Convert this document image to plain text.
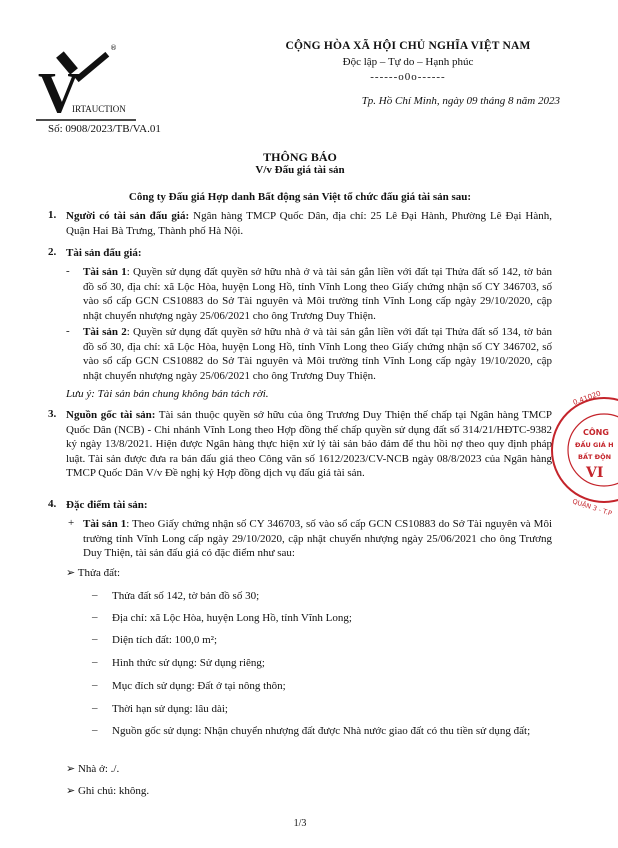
®
V
IRTAUCTION
CỘNG HÒA XÃ HỘI CHỦ NGHĨA VIỆT NAM
Độc lập – Tự do – Hạnh phúc
------o0o------
Tp. Hồ Chí Minh, ngày 09 tháng 8 năm 2023
Số: 0908/2023/TB/VA.01
THÔNG BÁO
V/v Đấu giá tài sản
Công ty Đấu giá Hợp danh Bất động sản Việt tổ chức đấu giá tài sản sau:
1. Người có tài sản đấu giá: Ngân hàng TMCP Quốc Dân, địa chỉ: 25 Lê Đại Hành, Phường Lê Đại Hành, Quận Hai Bà Trưng, Thành phố Hà Nội.
2. Tài sản đấu giá:
- Tài sản 1: Quyền sử dụng đất quyền sở hữu nhà ở và tài sản gắn liền với đất tại Thửa đất số 142, tờ bản đồ số 30, địa chỉ: xã Lộc Hòa, huyện Long Hồ, tỉnh Vĩnh Long theo Giấy chứng nhận số CY 346703, số vào sổ cấp GCN CS10883 do Sở Tài nguyên và Môi trường tỉnh Vĩnh Long cấp ngày 29/10/2020, cập nhật chuyển nhượng ngày 25/06/2021 cho ông Trương Duy Thiện.
- Tài sản 2: Quyền sử dụng đất quyền sở hữu nhà ở và tài sản gắn liền với đất tại Thửa đất số 134, tờ bản đồ số 30, địa chỉ: xã Lộc Hòa, huyện Long Hồ, tỉnh Vĩnh Long theo Giấy chứng nhận số CY 346702, số vào sổ cấp GCN CS10882 do Sở Tài nguyên và Môi trường tỉnh Vĩnh Long cấp ngày 19/10/2020, cập nhật chuyển nhượng ngày 25/06/2021 cho ông Trương Duy Thiện.
Lưu ý: Tài sản bán chung không bán tách rời.
3. Nguồn gốc tài sản: Tài sản thuộc quyền sở hữu của ông Trương Duy Thiện thế chấp tại Ngân hàng TMCP Quốc Dân (NCB) - Chi nhánh Vĩnh Long theo Hợp đồng thế chấp quyền sử dụng đất số 314/21/HĐTC-9382 ký ngày 13/8/2021. Hiện được Ngân hàng thực hiện xử lý tài sản bảo đảm để thu hồi nợ theo quy định pháp luật. Tài sản được đưa ra bán đấu giá theo Công văn số 1612/2023/CV-NCB ngày 08/8/2023 của Ngân hàng TMCP Quốc Dân V/v Đề nghị ký Hợp đồng dịch vụ đấu giá tài sản.
4. Đặc điểm tài sản:
+ Tài sản 1: Theo Giấy chứng nhận số CY 346703, số vào sổ cấp GCN CS10883 do Sở Tài nguyên và Môi trường tỉnh Vĩnh Long cấp ngày 29/10/2020, cập nhật chuyển nhượng ngày 25/06/2021 cho ông Trương Duy Thiện, tài sản đấu giá có đặc điểm như sau:
➢ Thửa đất:
– Thửa đất số 142, tờ bản đồ số 30;
– Địa chỉ: xã Lộc Hòa, huyện Long Hồ, tỉnh Vĩnh Long;
– Diện tích đất: 100,0 m²;
– Hình thức sử dụng: Sử dụng riêng;
– Mục đích sử dụng: Đất ở tại nông thôn;
– Thời hạn sử dụng: lâu dài;
– Nguồn gốc sử dụng: Nhận chuyển nhượng đất được Nhà nước giao đất có thu tiền sử dụng đất;
➢ Nhà ở: ./.
➢ Ghi chú: không.
0.41020
CÔNG
ĐẤU GIÁ H
BẤT ĐỘN
VI
QUẬN 3 - T.P
1/3
